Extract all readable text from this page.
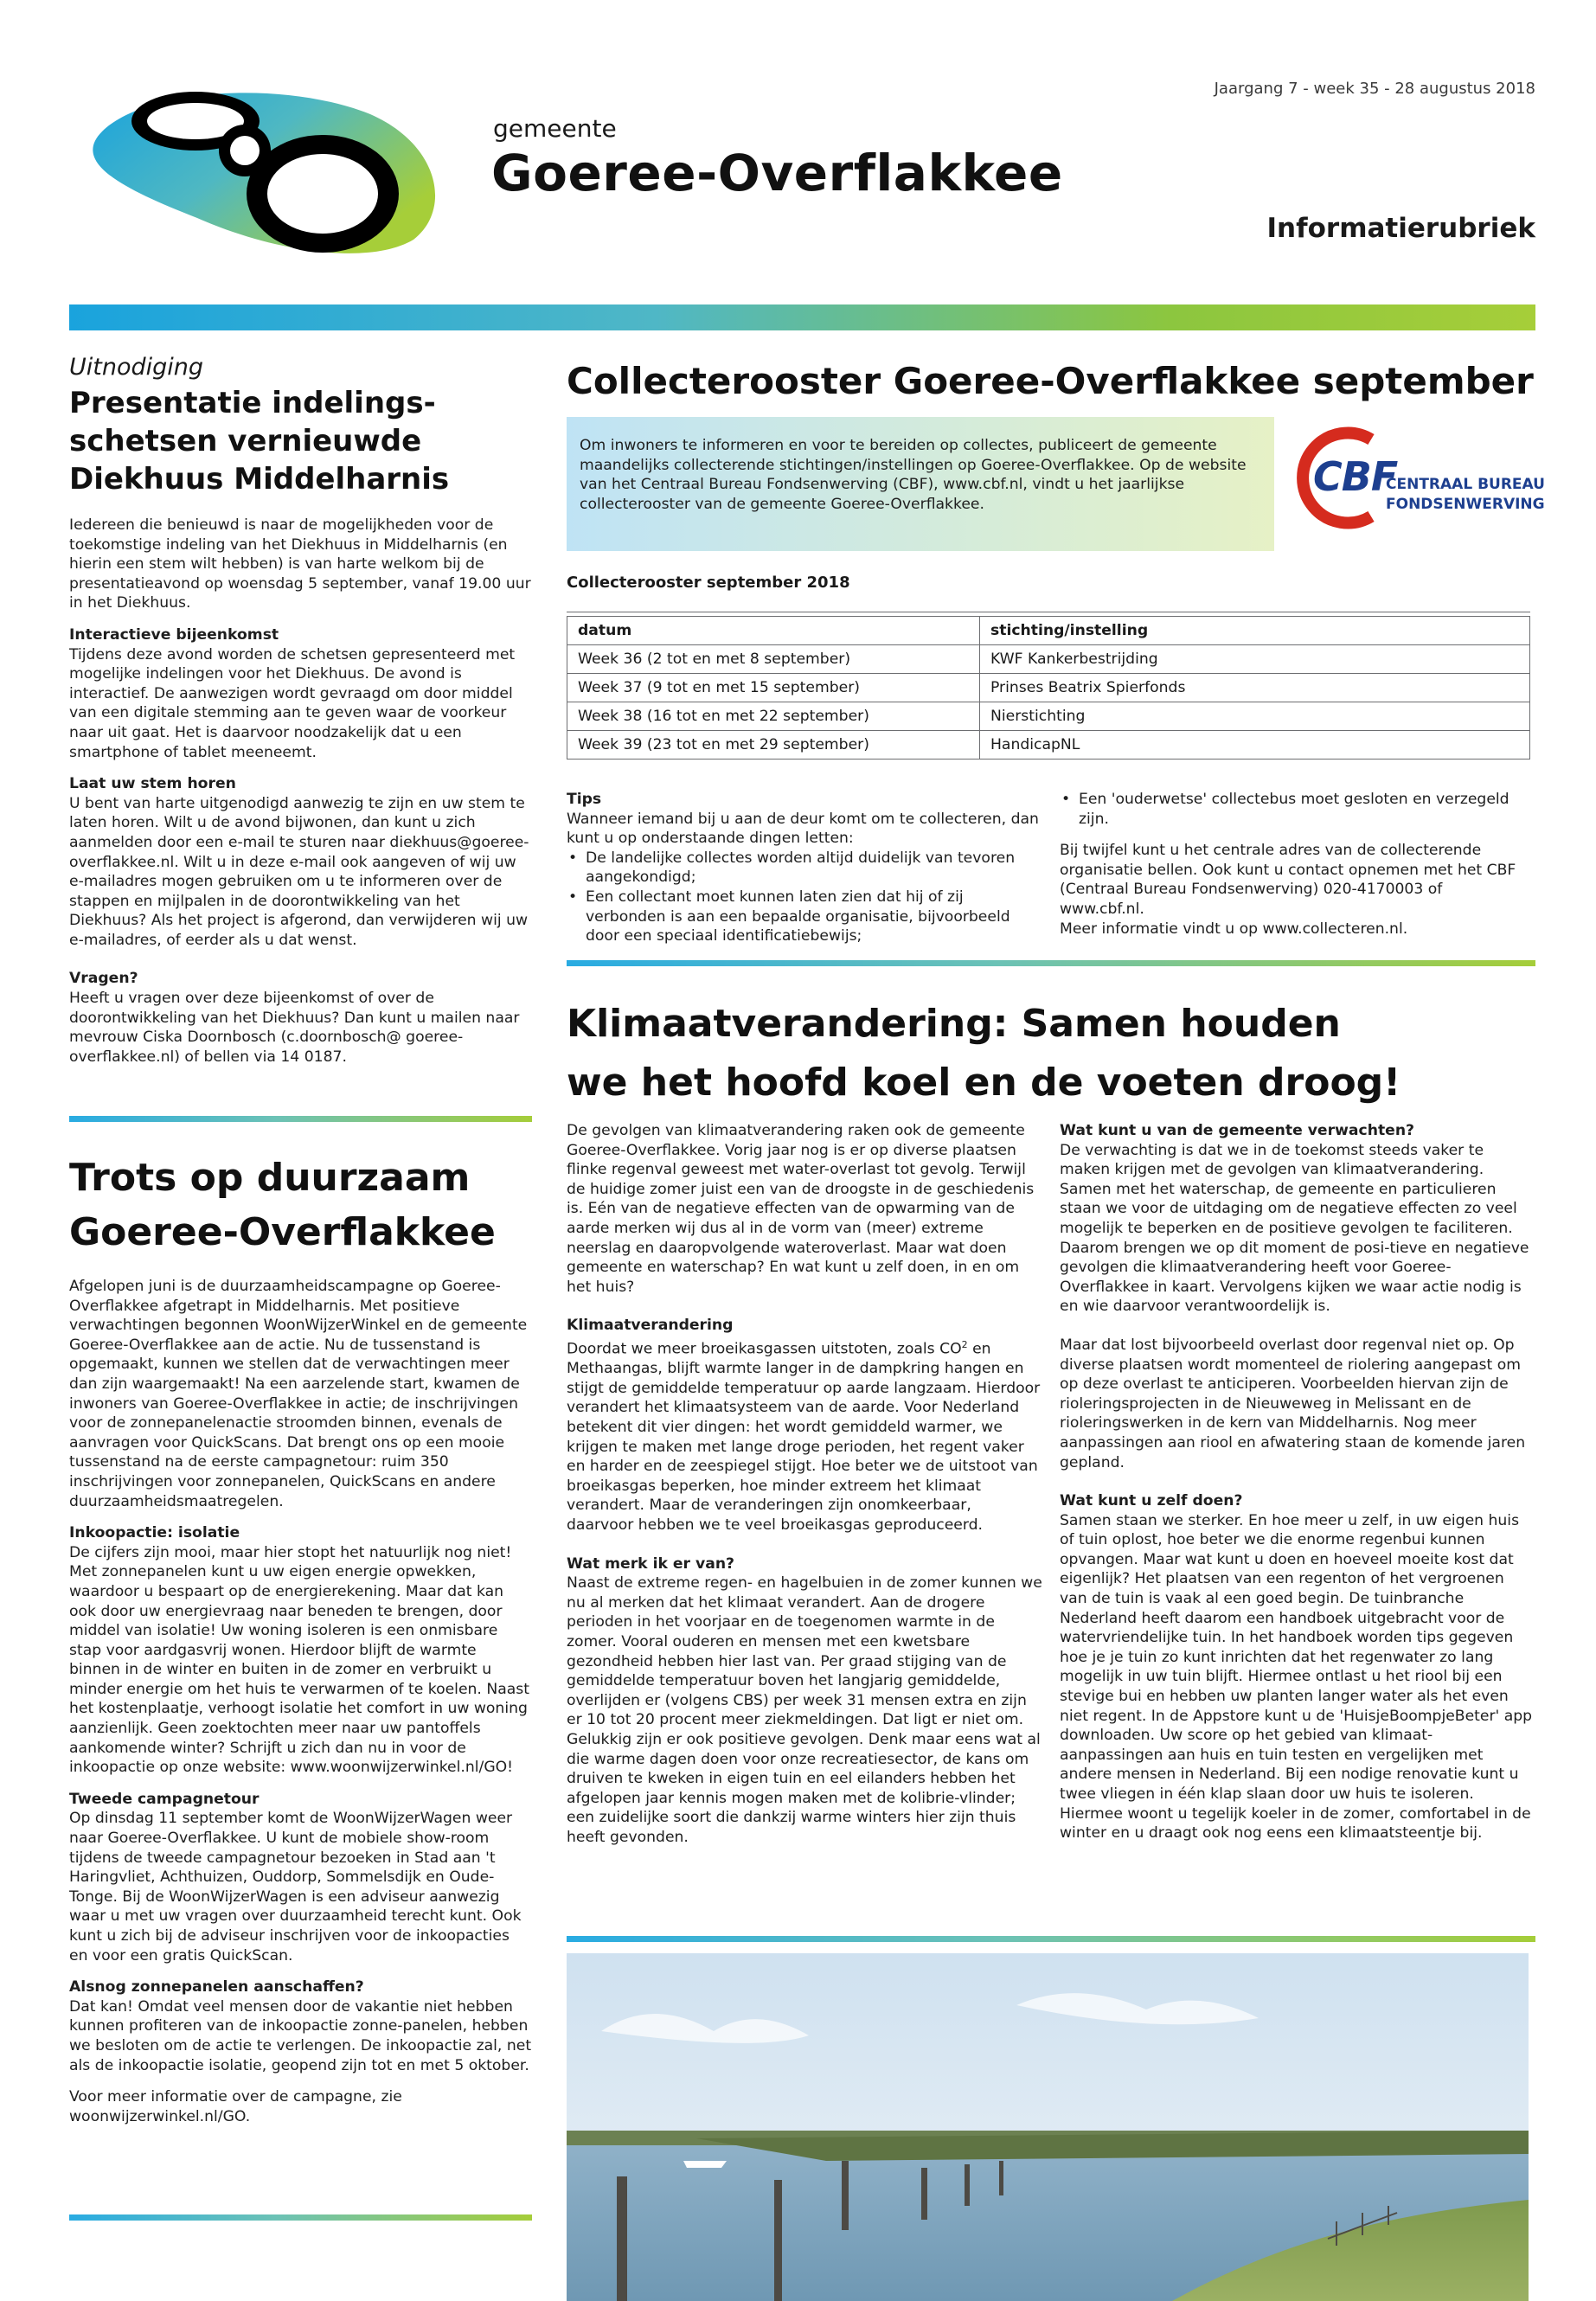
Jaargang 7 - week 35 - 28 augustus 2018
gemeente
Goeree-Overflakkee
Informatierubriek
Uitnodiging
Presentatie indelings-
schetsen vernieuwde
Diekhuus Middelharnis

Iedereen die benieuwd is naar de mogelijkheden voor de toekomstige indeling van het Diekhuus in Middelharnis (en hierin een stem wilt hebben) is van harte welkom bij de presentatieavond op woensdag 5 september, vanaf 19.00 uur in het Diekhuus.

Interactieve bijeenkomst

Tijdens deze avond worden de schetsen gepresenteerd met mogelijke indelingen voor het Diekhuus. De avond is interactief. De aanwezigen wordt gevraagd om door middel van een digitale stemming aan te geven waar de voorkeur naar uit gaat. Het is daarvoor noodzakelijk dat u een smartphone of tablet meeneemt.

Laat uw stem horen

U bent van harte uitgenodigd aanwezig te zijn en uw stem te laten horen. Wilt u de avond bijwonen, dan kunt u zich aanmelden door een e-mail te sturen naar diekhuus@goeree-overflakkee.nl. Wilt u in deze e-mail ook aangeven of wij uw e-mailadres mogen gebruiken om u te informeren over de stappen en mijlpalen in de doorontwikkeling van het Diekhuus? Als het project is afgerond, dan verwijderen wij uw e-mailadres, of eerder als u dat wenst.

Vragen?

Heeft u vragen over deze bijeenkomst of over de doorontwikkeling van het Diekhuus? Dan kunt u mailen naar mevrouw Ciska Doornbosch (c.doornbosch@ goeree-overflakkee.nl) of bellen via 14 0187.

Trots op duurzaam
Goeree-Overflakkee

Afgelopen juni is de duurzaamheidscampagne op Goeree-Overflakkee afgetrapt in Middelharnis. Met positieve verwachtingen begonnen WoonWijzerWinkel en de gemeente Goeree-Overflakkee aan de actie. Nu de tussenstand is opgemaakt, kunnen we stellen dat de verwachtingen meer dan zijn waargemaakt! Na een aarzelende start, kwamen de inwoners van Goeree-Overflakkee in actie; de inschrijvingen voor de zonnepanelenactie stroomden binnen, evenals de aanvragen voor QuickScans. Dat brengt ons op een mooie tussenstand na de eerste campagnetour: ruim 350 inschrijvingen voor zonnepanelen, QuickScans en andere duurzaamheidsmaatregelen.

Inkoopactie: isolatie

De cijfers zijn mooi, maar hier stopt het natuurlijk nog niet! Met zonnepanelen kunt u uw eigen energie opwekken, waardoor u bespaart op de energierekening. Maar dat kan ook door uw energievraag naar beneden te brengen, door middel van isolatie! Uw woning isoleren is een onmisbare stap voor aardgasvrij wonen. Hierdoor blijft de warmte binnen in de winter en buiten in de zomer en verbruikt u minder energie om het huis te verwarmen of te koelen. Naast het kostenplaatje, verhoogt isolatie het comfort in uw woning aanzienlijk. Geen zoektochten meer naar uw pantoffels aankomende winter? Schrijft u zich dan nu in voor de inkoopactie op onze website: www.woonwijzerwinkel.nl/GO!

Tweede campagnetour

Op dinsdag 11 september komt de WoonWijzerWagen weer naar Goeree-Overflakkee. U kunt de mobiele show-room tijdens de tweede campagnetour bezoeken in Stad aan 't Haringvliet, Achthuizen, Ouddorp, Sommelsdijk en Oude-Tonge. Bij de WoonWijzerWagen is een adviseur aanwezig waar u met uw vragen over duurzaamheid terecht kunt. Ook kunt u zich bij de adviseur inschrijven voor de inkoopacties en voor een gratis QuickScan.

Alsnog zonnepanelen aanschaffen?

Dat kan! Omdat veel mensen door de vakantie niet hebben kunnen profiteren van de inkoopactie zonne-panelen, hebben we besloten om de actie te verlengen. De inkoopactie zal, net als de inkoopactie isolatie, geopend zijn tot en met 5 oktober.

Voor meer informatie over de campagne, zie woonwijzerwinkel.nl/GO.

Collecterooster Goeree-Overflakkee september
Om inwoners te informeren en voor te bereiden op collectes, publiceert de gemeente maandelijks collecterende stichtingen/instellingen op Goeree-Overflakkee. Op de website van het Centraal Bureau Fondsenwerving (CBF), www.cbf.nl, vindt u het jaarlijkse collecterooster van de gemeente Goeree-Overflakkee.
CBF
CENTRAAL BUREAU
FONDSENWERVING
Collecterooster september 2018
datum	stichting/instelling
Week 36 (2 tot en met 8 september)	KWF Kankerbestrijding
Week 37 (9 tot en met 15 september)	Prinses Beatrix Spierfonds
Week 38 (16 tot en met 22 september)	Nierstichting
Week 39 (23 tot en met 29 september)	HandicapNL

Tips

Wanneer iemand bij u aan de deur komt om te collecteren, dan kunt u op onderstaande dingen letten:

• De landelijke collectes worden altijd duidelijk van tevoren aangekondigd;
• Een collectant moet kunnen laten zien dat hij of zij verbonden is aan een bepaalde organisatie, bijvoorbeeld door een speciaal identificatiebewijs;
• Een 'ouderwetse' collectebus moet gesloten en verzegeld zijn.

Bij twijfel kunt u het centrale adres van de collecterende organisatie bellen. Ook kunt u contact opnemen met het CBF (Centraal Bureau Fondsenwerving) 020-4170003 of www.cbf.nl.

Meer informatie vindt u op www.collecteren.nl.

Klimaatverandering: Samen houden
we het hoofd koel en de voeten droog!

De gevolgen van klimaatverandering raken ook de gemeente Goeree-Overflakkee. Vorig jaar nog is er op diverse plaatsen flinke regenval geweest met water-overlast tot gevolg. Terwijl de huidige zomer juist een van de droogste in de geschiedenis is. Eén van de negatieve effecten van de opwarming van de aarde merken wij dus al in de vorm van (meer) extreme neerslag en daaropvolgende wateroverlast. Maar wat doen gemeente en waterschap? En wat kunt u zelf doen, in en om het huis?

Klimaatverandering

Doordat we meer broeikasgassen uitstoten, zoals $CO^2$ en Methaangas, blijft warmte langer in de dampkring hangen en stijgt de gemiddelde temperatuur op aarde langzaam. Hierdoor verandert het klimaatsysteem van de aarde. Voor Nederland betekent dit vier dingen: het wordt gemiddeld warmer, we krijgen te maken met lange droge perioden, het regent vaker en harder en de zeespiegel stijgt. Hoe beter we de uitstoot van broeikasgas beperken, hoe minder extreem het klimaat verandert. Maar de veranderingen zijn onomkeerbaar, daarvoor hebben we te veel broeikasgas geproduceerd.

Wat merk ik er van?

Naast de extreme regen- en hagelbuien in de zomer kunnen we nu al merken dat het klimaat verandert. Aan de drogere perioden in het voorjaar en de toegenomen warmte in de zomer. Vooral ouderen en mensen met een kwetsbare gezondheid hebben hier last van. Per graad stijging van de gemiddelde temperatuur boven het langjarig gemiddelde, overlijden er (volgens CBS) per week 31 mensen extra en zijn er 10 tot 20 procent meer ziekmeldingen. Dat ligt er niet om. Gelukkig zijn er ook positieve gevolgen. Denk maar eens wat al die warme dagen doen voor onze recreatiesector, de kans om druiven te kweken in eigen tuin en eel eilanders hebben het afgelopen jaar kennis mogen maken met de kolibrie-vlinder; een zuidelijke soort die dankzij warme winters hier zijn thuis heeft gevonden.

Wat kunt u van de gemeente verwachten?

De verwachting is dat we in de toekomst steeds vaker te maken krijgen met de gevolgen van klimaatverandering. Samen met het waterschap, de gemeente en particulieren staan we voor de uitdaging om de negatieve effecten zo veel mogelijk te beperken en de positieve gevolgen te faciliteren. Daarom brengen we op dit moment de posi-tieve en negatieve gevolgen die klimaatverandering heeft voor Goeree-Overflakkee in kaart. Vervolgens kijken we waar actie nodig is en wie daarvoor verantwoordelijk is.

Maar dat lost bijvoorbeeld overlast door regenval niet op. Op diverse plaatsen wordt momenteel de riolering aangepast om op deze overlast te anticiperen. Voorbeelden hiervan zijn de rioleringsprojecten in de Nieuweweg in Melissant en de rioleringswerken in de kern van Middelharnis. Nog meer aanpassingen aan riool en afwatering staan de komende jaren gepland.

Wat kunt u zelf doen?

Samen staan we sterker. En hoe meer u zelf, in uw eigen huis of tuin oplost, hoe beter we die enorme regenbui kunnen opvangen. Maar wat kunt u doen en hoeveel moeite kost dat eigenlijk? Het plaatsen van een regenton of het vergroenen van de tuin is vaak al een goed begin. De tuinbranche Nederland heeft daarom een handboek uitgebracht voor de watervriendelijke tuin. In het handboek worden tips gegeven hoe je je tuin zo kunt inrichten dat het regenwater zo lang mogelijk in uw tuin blijft. Hiermee ontlast u het riool bij een stevige bui en hebben uw planten langer water als het even niet regent. In de Appstore kunt u de 'HuisjeBoompjeBeter' app downloaden. Uw score op het gebied van klimaat-aanpassingen aan huis en tuin testen en vergelijken met andere mensen in Nederland. Bij een nodige renovatie kunt u twee vliegen in één klap slaan door uw huis te isoleren. Hiermee woont u tegelijk koeler in de zomer, comfortabel in de winter en u draagt ook nog eens een klimaatsteentje bij.
